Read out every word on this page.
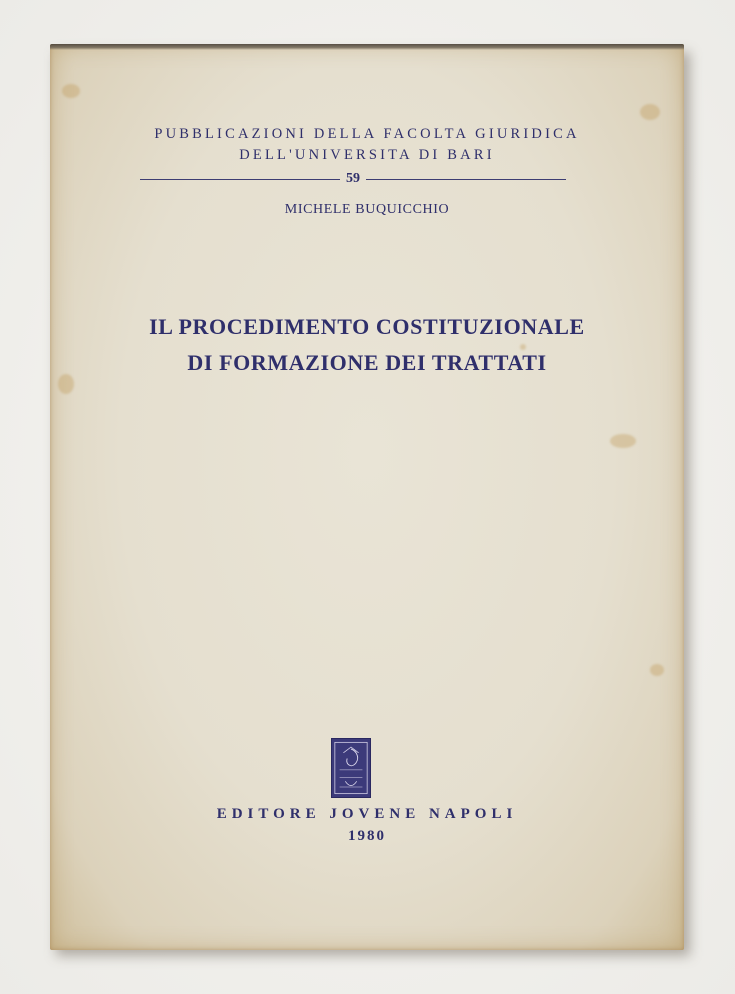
PUBBLICAZIONI DELLA FACOLTA GIURIDICA
DELL'UNIVERSITA DI BARI
59
MICHELE BUQUICCHIO
IL PROCEDIMENTO COSTITUZIONALE
DI FORMAZIONE DEI TRATTATI
EDITORE JOVENE NAPOLI
1980
